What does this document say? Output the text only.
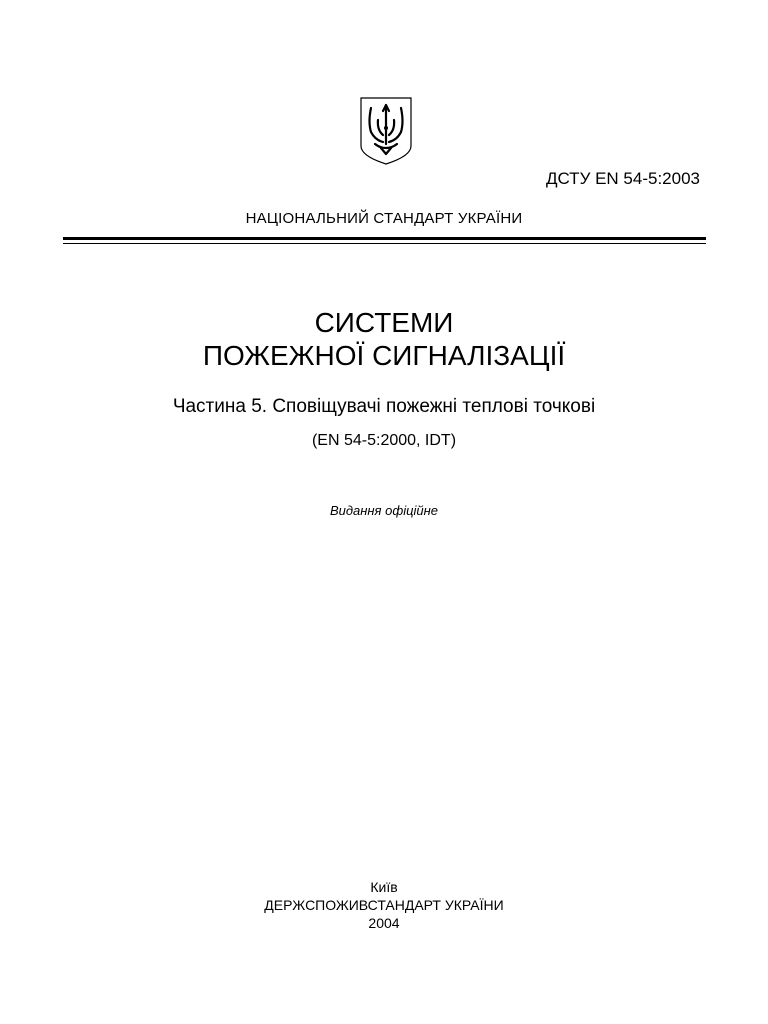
ДСТУ EN 54-5:2003
НАЦІОНАЛЬНИЙ СТАНДАРТ УКРАЇНИ
СИСТЕМИ
ПОЖЕЖНОЇ СИГНАЛІЗАЦІЇ
Частина 5. Сповіщувачі пожежні теплові точкові
(EN 54-5:2000, IDT)
Видання офіційне
Київ
ДЕРЖСПОЖИВСТАНДАРТ УКРАЇНИ
2004
